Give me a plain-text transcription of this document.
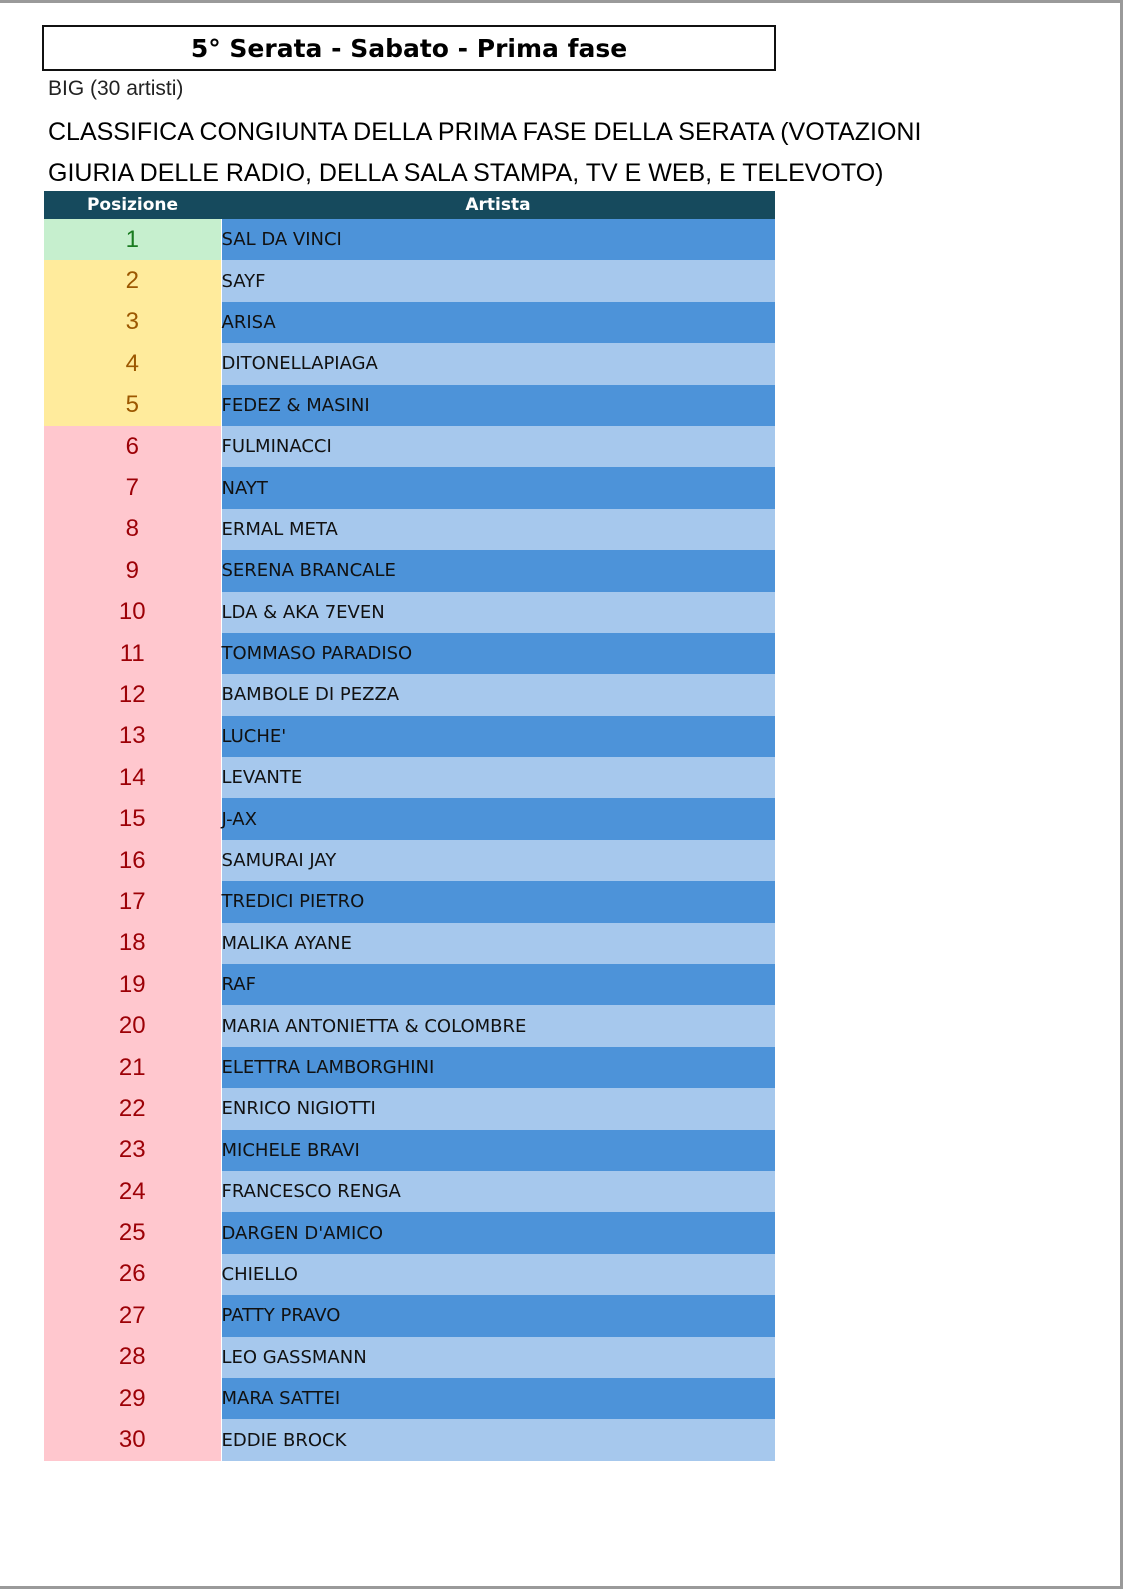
5° Serata - Sabato - Prima fase
BIG (30 artisti)
CLASSIFICA CONGIUNTA DELLA PRIMA FASE DELLA SERATA (VOTAZIONI
GIURIA DELLE RADIO, DELLA SALA STAMPA, TV E WEB, E TELEVOTO)
Posizione	Artista
1	SAL DA VINCI
2	SAYF
3	ARISA
4	DITONELLAPIAGA
5	FEDEZ & MASINI
6	FULMINACCI
7	NAYT
8	ERMAL META
9	SERENA BRANCALE
10	LDA & AKA 7EVEN
11	TOMMASO PARADISO
12	BAMBOLE DI PEZZA
13	LUCHE'
14	LEVANTE
15	J-AX
16	SAMURAI JAY
17	TREDICI PIETRO
18	MALIKA AYANE
19	RAF
20	MARIA ANTONIETTA & COLOMBRE
21	ELETTRA LAMBORGHINI
22	ENRICO NIGIOTTI
23	MICHELE BRAVI
24	FRANCESCO RENGA
25	DARGEN D'AMICO
26	CHIELLO
27	PATTY PRAVO
28	LEO GASSMANN
29	MARA SATTEI
30	EDDIE BROCK
